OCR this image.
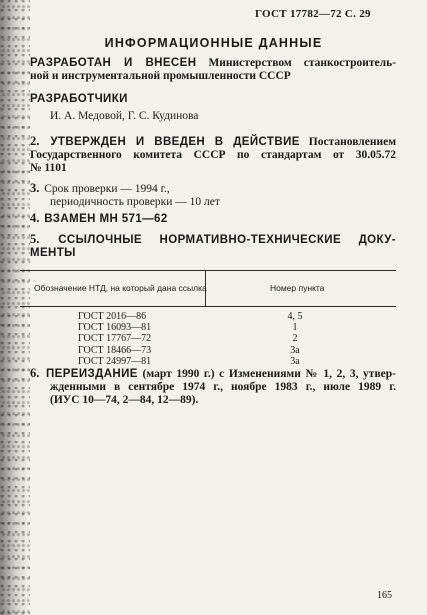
ГОСТ 17782—72 С. 29
ИНФОРМАЦИОННЫЕ ДАННЫЕ
РАЗРАБОТАН И ВНЕСЕН Министерством станкостроитель-
ной и инструментальной промышленности СССР
РАЗРАБОТЧИКИ
И. А. Медовой, Г. С. Кудинова
2. УТВЕРЖДЕН И ВВЕДЕН В ДЕЙСТВИЕ Постановлением
Государственного комитета СССР по стандартам от 30.05.72
№ 1101
3. Срок проверки — 1994 г.,
периодичность проверки — 10 лет
4. ВЗАМЕН МН 571—62
5. ССЫЛОЧНЫЕ НОРМАТИВНО-ТЕХНИЧЕСКИЕ ДОКУ-
МЕНТЫ
Обозначение НТД, на который дана ссылка	Номер пункта
ГОСТ 2016—86
ГОСТ 16093—81
ГОСТ 17767—72
ГОСТ 18466—73
ГОСТ 24997—81
4, 5
1
2
3а
3а
6. ПЕРЕИЗДАНИЕ (март 1990 г.) с Изменениями № 1, 2, 3, утвер-
жденными в сентябре 1974 г., ноябре 1983 г., июле 1989 г.
(ИУС 10—74, 2—84, 12—89).
165
